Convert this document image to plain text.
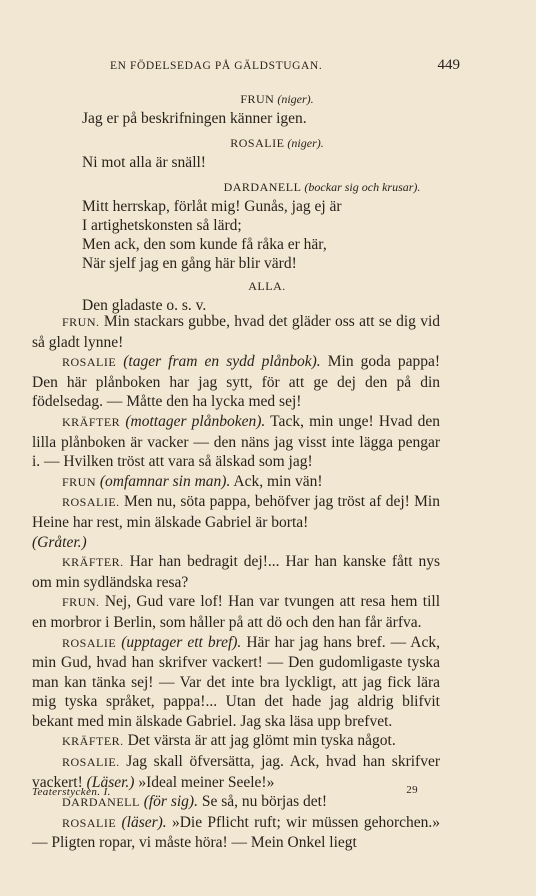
EN FÖDELSEDAG PÅ GÄLDSTUGAN.	449
FRUN (niger).
Jag er på beskrifningen känner igen.
ROSALIE (niger).
Ni mot alla är snäll!
DARDANELL (bockar sig och krusar).
Mitt herrskap, förlåt mig! Gunås, jag ej är
I artighetskonsten så lärd;
Men ack, den som kunde få råka er här,
När sjelf jag en gång här blir värd!
ALLA.
Den gladaste o. s. v.

FRUN. Min stackars gubbe, hvad det gläder oss att se dig vid så gladt lynne!

ROSALIE (tager fram en sydd plånbok). Min goda pappa! Den här plånboken har jag sytt, för att ge dej den på din födelsedag. — Måtte den ha lycka med sej!

KRÄFTER (mottager plånboken). Tack, min unge! Hvad den lilla plånboken är vacker — den näns jag visst inte lägga pengar i. — Hvilken tröst att vara så älskad som jag!

FRUN (omfamnar sin man). Ack, min vän!

ROSALIE. Men nu, söta pappa, behöfver jag tröst af dej! Min Heine har rest, min älskade Gabriel är borta!

(Gråter.)

KRÄFTER. Har han bedragit dej!... Har han kanske fått nys om min sydländska resa?

FRUN. Nej, Gud vare lof! Han var tvungen att resa hem till en morbror i Berlin, som håller på att dö och den han får ärfva.

ROSALIE (upptager ett bref). Här har jag hans bref. — Ack, min Gud, hvad han skrifver vackert! — Den gudomligaste tyska man kan tänka sej! — Var det inte bra lyckligt, att jag fick lära mig tyska språket, pappa!... Utan det hade jag aldrig blifvit bekant med min älskade Gabriel. Jag ska läsa upp brefvet.

KRÄFTER. Det värsta är att jag glömt min tyska något.

ROSALIE. Jag skall öfversätta, jag. Ack, hvad han skrifver vackert! (Läser.) »Ideal meiner Seele!»

DARDANELL (för sig). Se så, nu börjas det!

ROSALIE (läser). »Die Pflicht ruft; wir müssen gehorchen.» — Pligten ropar, vi måste höra! — Mein Onkel liegt

Teaterstycken. I.	29
